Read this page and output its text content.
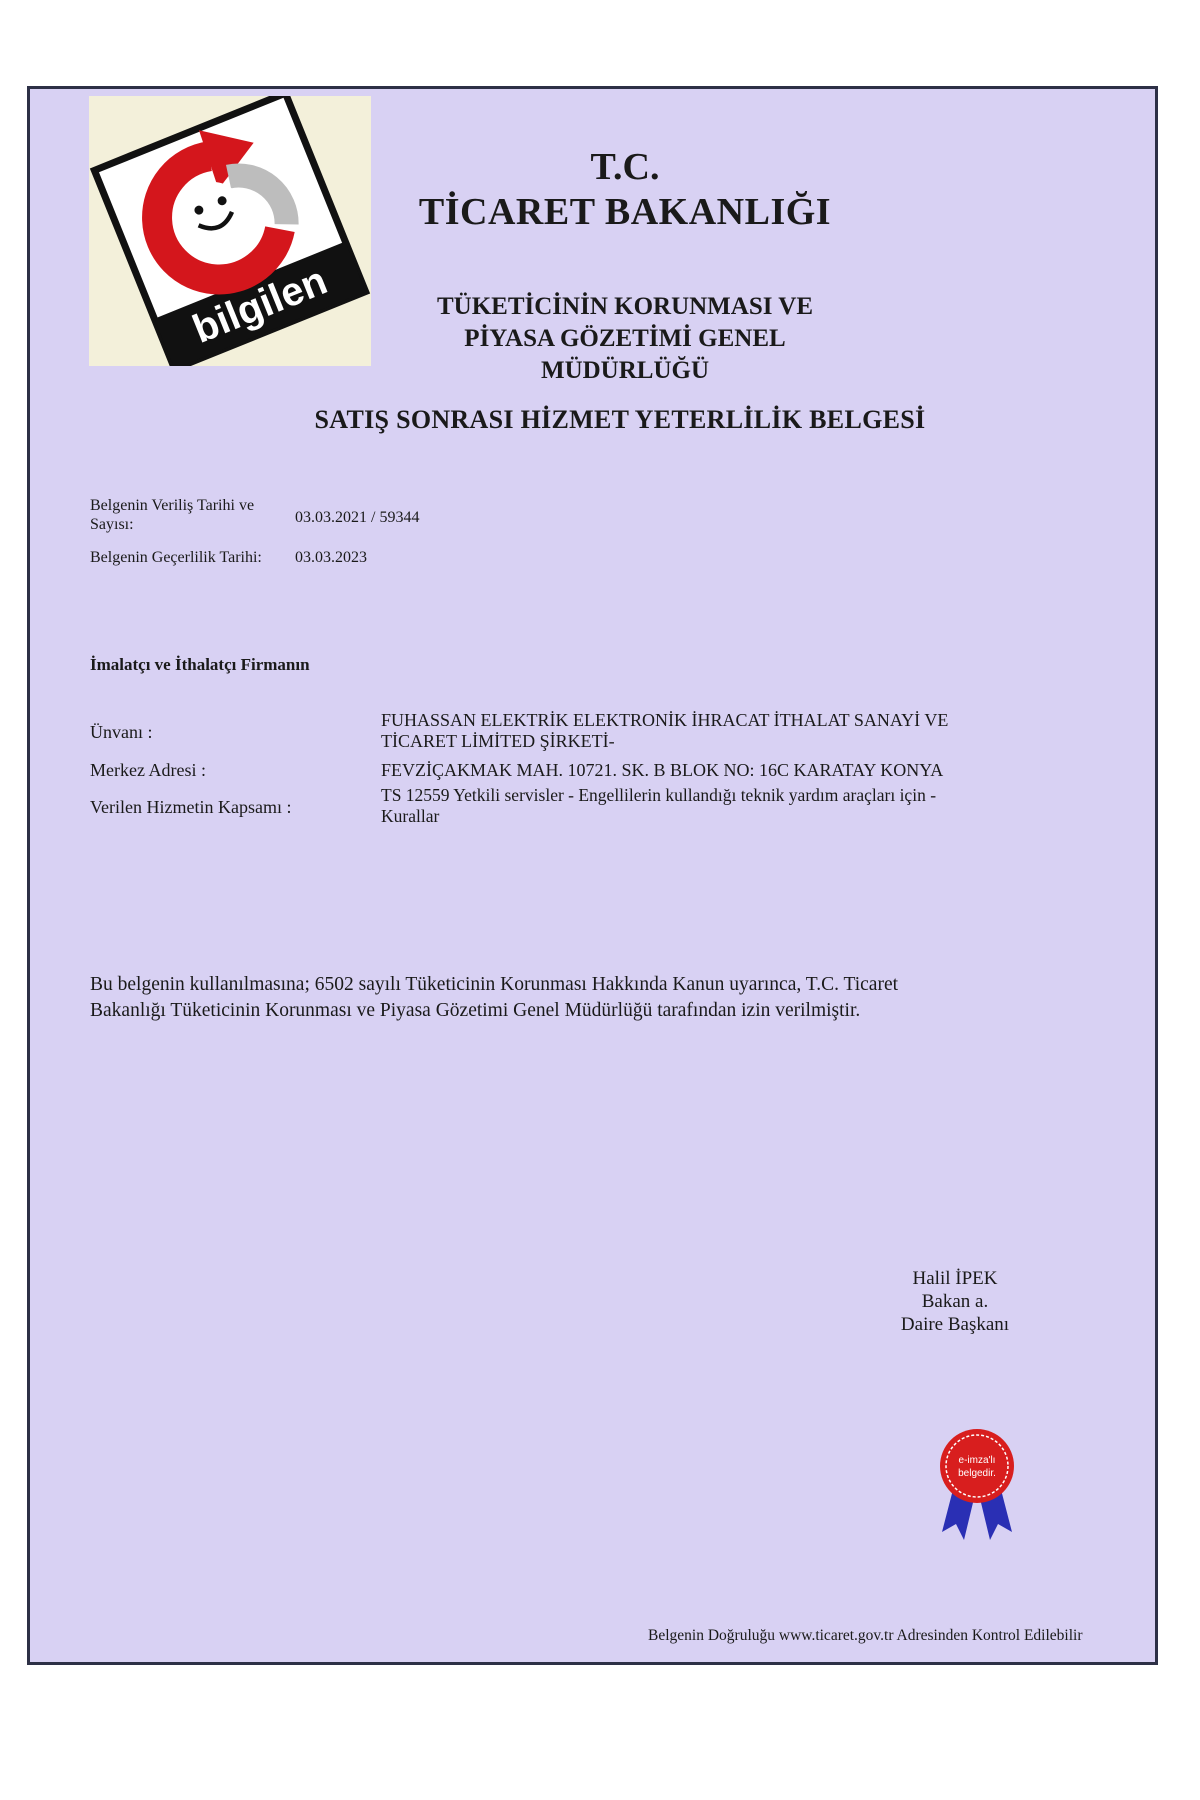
bilgilen
T.C.
TİCARET BAKANLIĞI
TÜKETİCİNİN KORUNMASI VE
PİYASA GÖZETİMİ GENEL
MÜDÜRLÜĞÜ
SATIŞ SONRASI HİZMET YETERLİLİK BELGESİ
Belgenin Veriliş Tarihi ve
Sayısı:	03.03.2021 / 59344
Belgenin Geçerlilik Tarihi: 03.03.2023
İmalatçı ve İthalatçı Firmanın
Ünvanı :
FUHASSAN ELEKTRİK ELEKTRONİK İHRACAT İTHALAT SANAYİ VE
TİCARET LİMİTED ŞİRKETİ-
Merkez Adresi :	FEVZİÇAKMAK MAH. 10721. SK. B BLOK NO: 16C KARATAY KONYA
Verilen Hizmetin Kapsamı :
TS 12559 Yetkili servisler - Engellilerin kullandığı teknik yardım araçları için -
Kurallar
Bu belgenin kullanılmasına; 6502 sayılı Tüketicinin Korunması Hakkında Kanun uyarınca, T.C. Ticaret
Bakanlığı Tüketicinin Korunması ve Piyasa Gözetimi Genel Müdürlüğü tarafından izin verilmiştir.
Halil İPEK
Bakan a.
Daire Başkanı
e-imza'lı
belgedir.
Belgenin Doğruluğu www.ticaret.gov.tr Adresinden Kontrol Edilebilir
